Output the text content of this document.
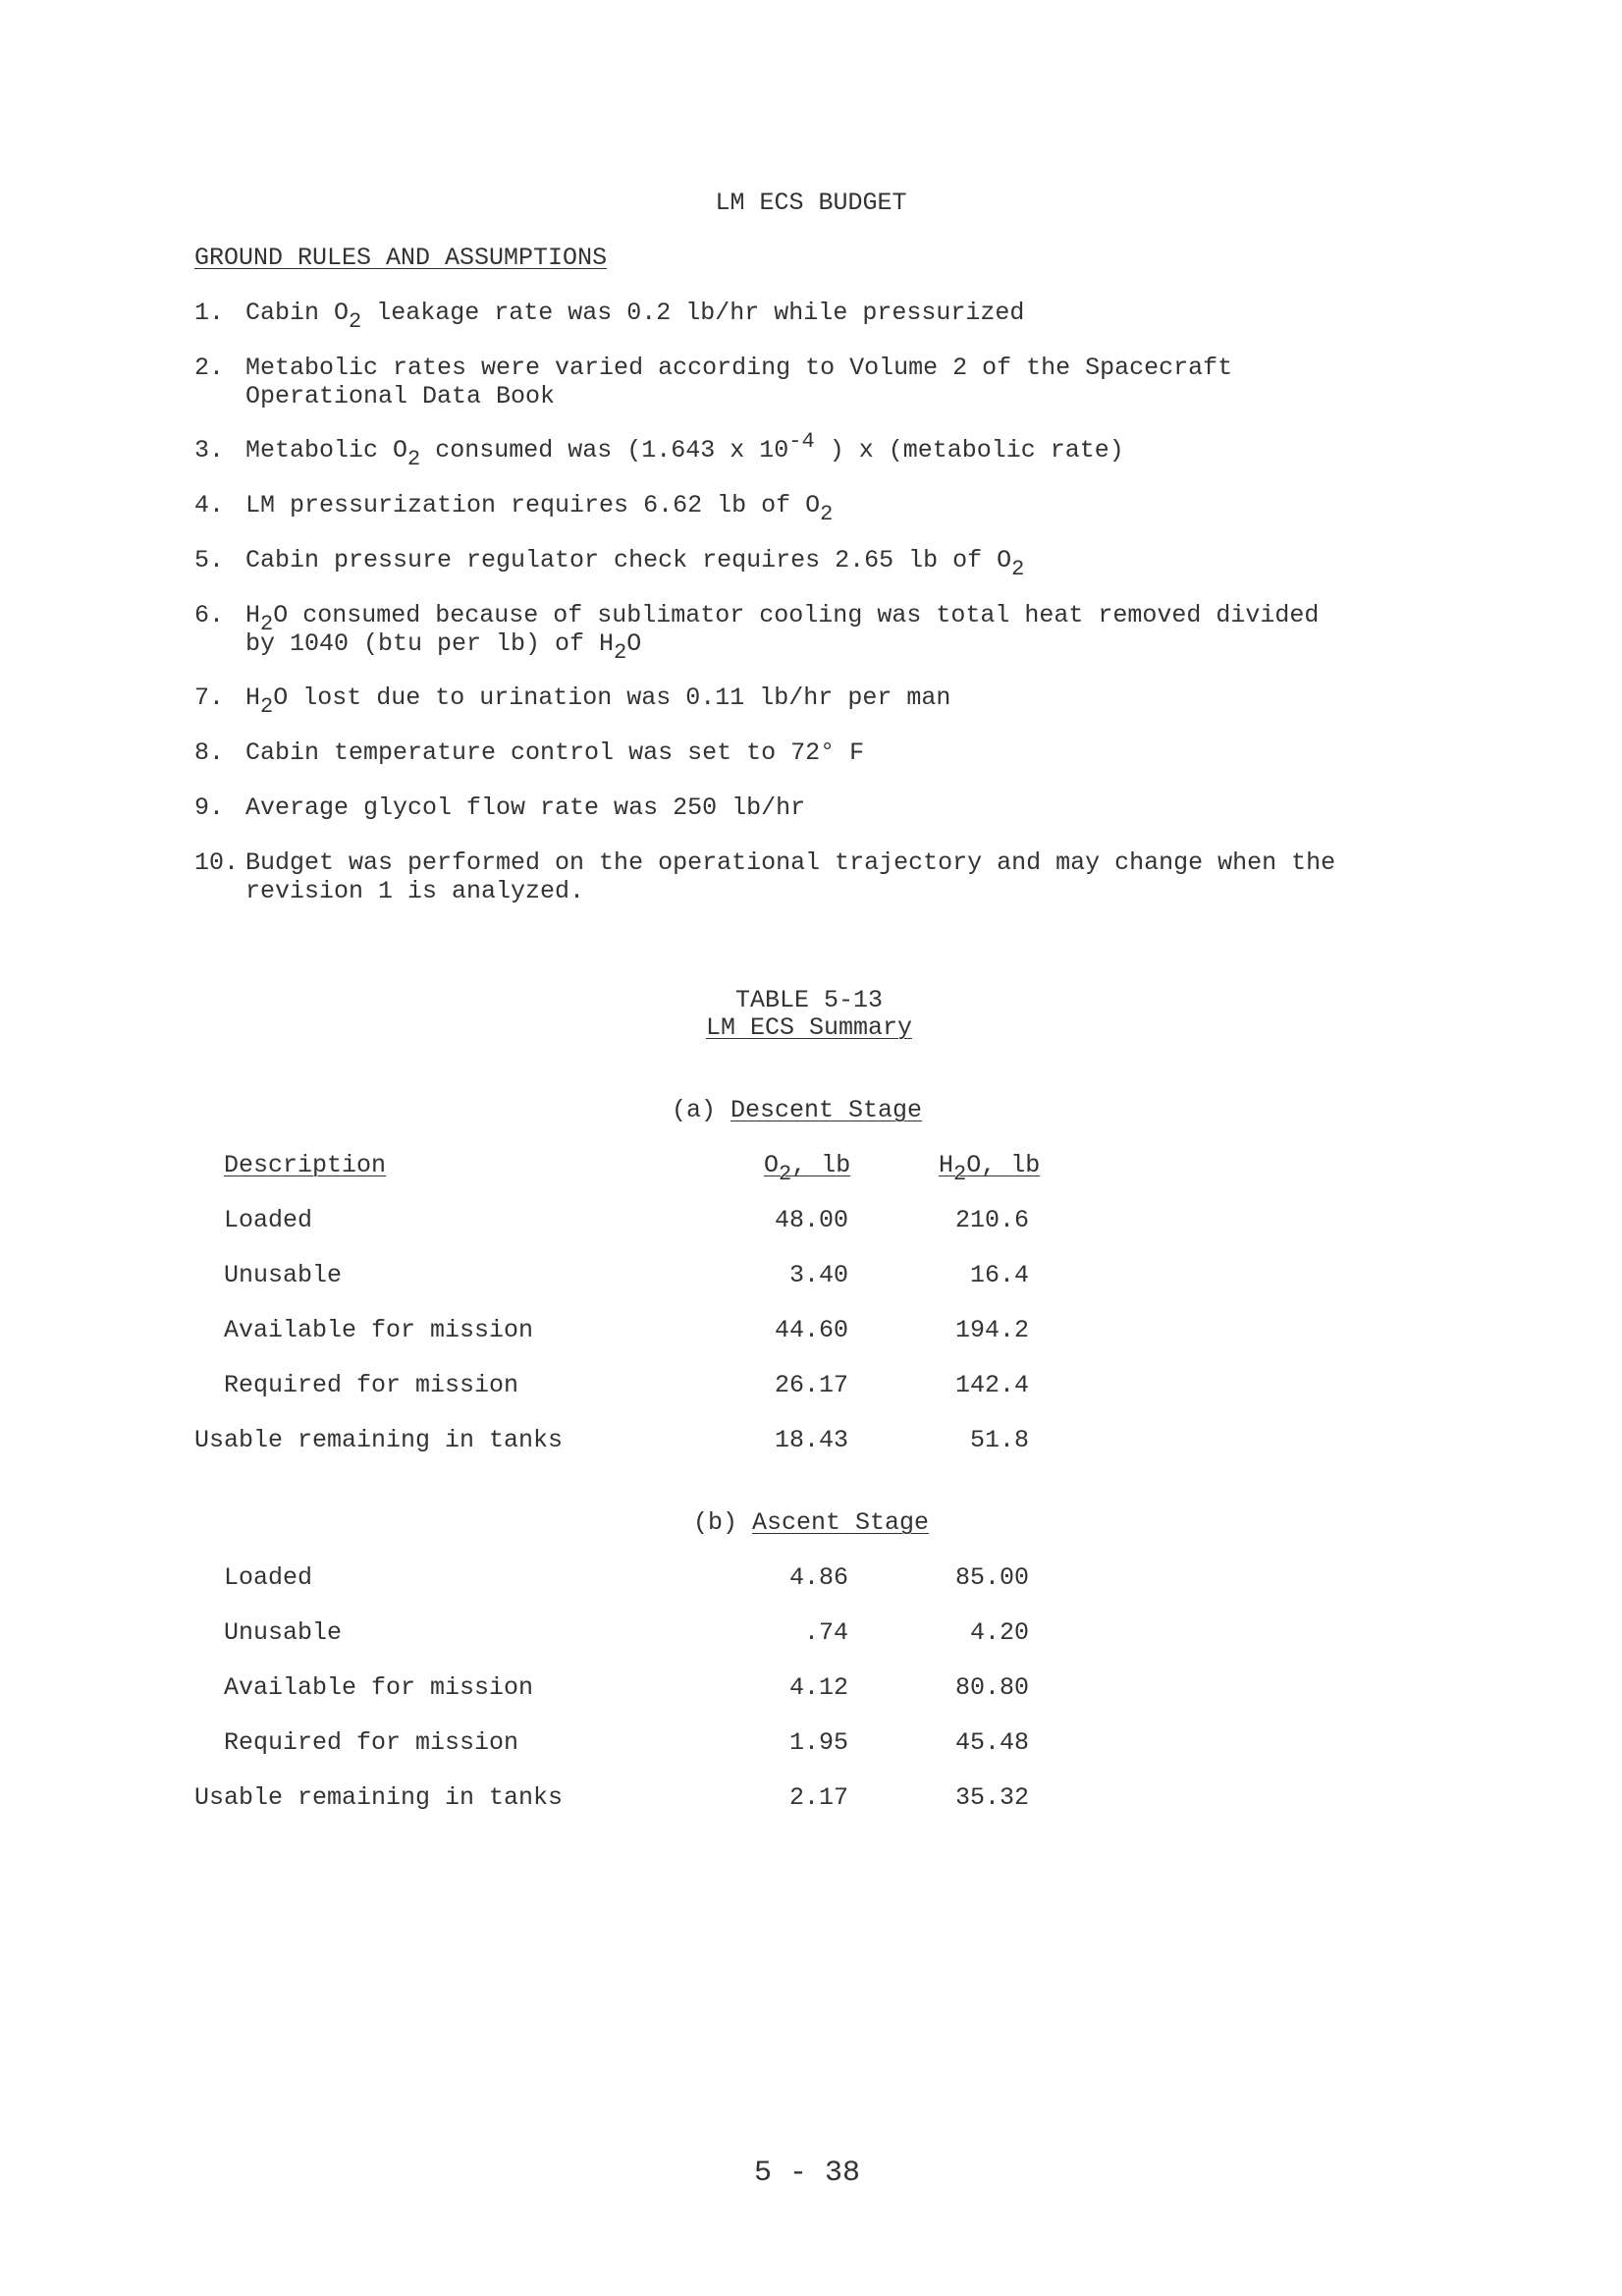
LM ECS BUDGET
GROUND RULES AND ASSUMPTIONS
1. Cabin $O_2$ leakage rate was 0.2 lb/hr while pressurized
2. Metabolic rates were varied according to Volume 2 of the Spacecraft
Operational Data Book
3. Metabolic $O_2$ consumed was (1.643 x $10^{-4}$ ) x (metabolic rate)
4. LM pressurization requires 6.62 lb of $O_2$
5. Cabin pressure regulator check requires 2.65 lb of $O_2$
6. $H_2O$ consumed because of sublimator cooling was total heat removed divided
by 1040 (btu per lb) of $H_2O$
7. $H_2O$ lost due to urination was 0.11 lb/hr per man
8. Cabin temperature control was set to 72° F
9. Average glycol flow rate was 250 lb/hr
10. Budget was performed on the operational trajectory and may change when the
revision 1 is analyzed.
TABLE 5-13
LM ECS Summary
(a) Descent Stage
Description	$O_2$, lb	$H_2O$, lb
Loaded	48.00	210.6
Unusable	3.40	16.4
Available for mission	44.60	194.2
Required for mission	26.17	142.4
Usable remaining in tanks	18.43	51.8
(b) Ascent Stage
Loaded	4.86	85.00
Unusable	.74	4.20
Available for mission	4.12	80.80
Required for mission	1.95	45.48
Usable remaining in tanks	2.17	35.32
5 - 38
